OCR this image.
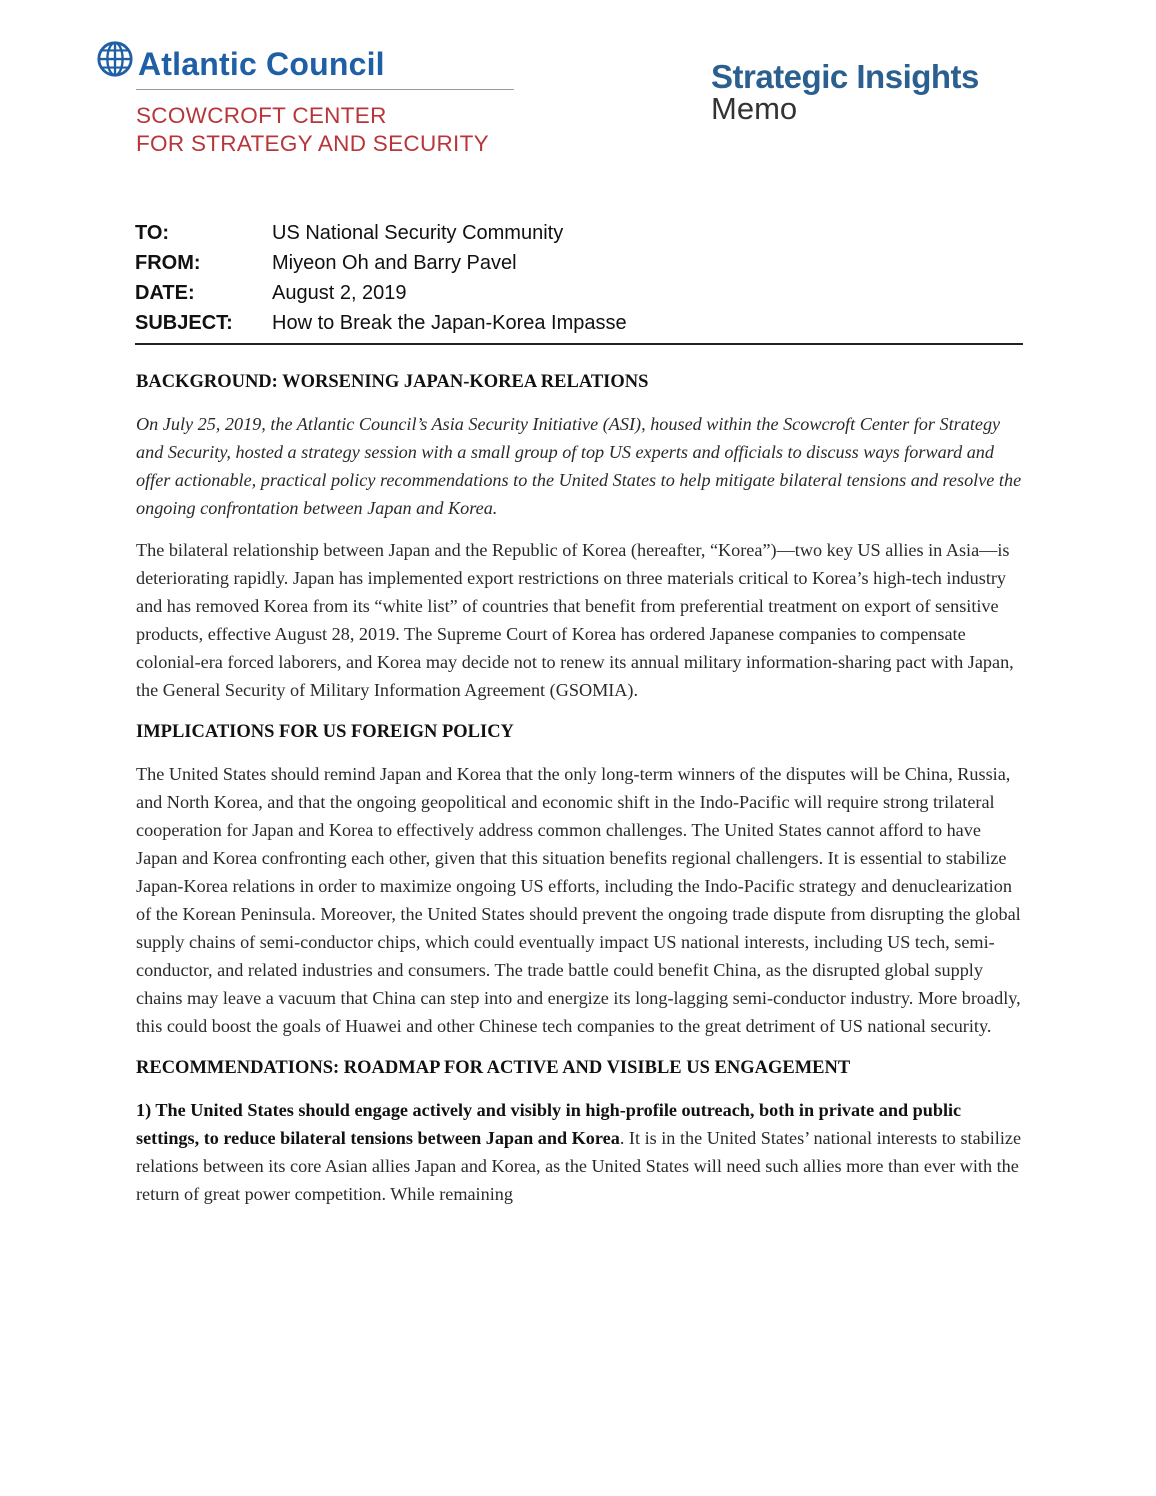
Atlantic Council
SCOWCROFT CENTER
FOR STRATEGY AND SECURITY
Strategic Insights
Memo
TO:	US National Security Community
FROM:	Miyeon Oh and Barry Pavel
DATE:	August 2, 2019
SUBJECT:	How to Break the Japan-Korea Impasse
BACKGROUND: WORSENING JAPAN-KOREA RELATIONS

On July 25, 2019, the Atlantic Council’s Asia Security Initiative (ASI), housed within the Scowcroft Center for Strategy and Security, hosted a strategy session with a small group of top US experts and officials to discuss ways forward and offer actionable, practical policy recommendations to the United States to help mitigate bilateral tensions and resolve the ongoing confrontation between Japan and Korea.

The bilateral relationship between Japan and the Republic of Korea (hereafter, “Korea”)—two key US allies in Asia—is deteriorating rapidly. Japan has implemented export restrictions on three materials critical to Korea’s high-tech industry and has removed Korea from its “white list” of countries that benefit from preferential treatment on export of sensitive products, effective August 28, 2019. The Supreme Court of Korea has ordered Japanese companies to compensate colonial-era forced laborers, and Korea may decide not to renew its annual military information-sharing pact with Japan, the General Security of Military Information Agreement (GSOMIA).

IMPLICATIONS FOR US FOREIGN POLICY

The United States should remind Japan and Korea that the only long-term winners of the disputes will be China, Russia, and North Korea, and that the ongoing geopolitical and economic shift in the Indo-Pacific will require strong trilateral cooperation for Japan and Korea to effectively address common challenges. The United States cannot afford to have Japan and Korea confronting each other, given that this situation benefits regional challengers. It is essential to stabilize Japan-Korea relations in order to maximize ongoing US efforts, including the Indo-Pacific strategy and denuclearization of the Korean Peninsula. Moreover, the United States should prevent the ongoing trade dispute from disrupting the global supply chains of semi-conductor chips, which could eventually impact US national interests, including US tech, semi-conductor, and related industries and consumers. The trade battle could benefit China, as the disrupted global supply chains may leave a vacuum that China can step into and energize its long-lagging semi-conductor industry. More broadly, this could boost the goals of Huawei and other Chinese tech companies to the great detriment of US national security.

RECOMMENDATIONS: ROADMAP FOR ACTIVE AND VISIBLE US ENGAGEMENT

1) The United States should engage actively and visibly in high-profile outreach, both in private and public settings, to reduce bilateral tensions between Japan and Korea. It is in the United States’ national interests to stabilize relations between its core Asian allies Japan and Korea, as the United States will need such allies more than ever with the return of great power competition. While remaining
